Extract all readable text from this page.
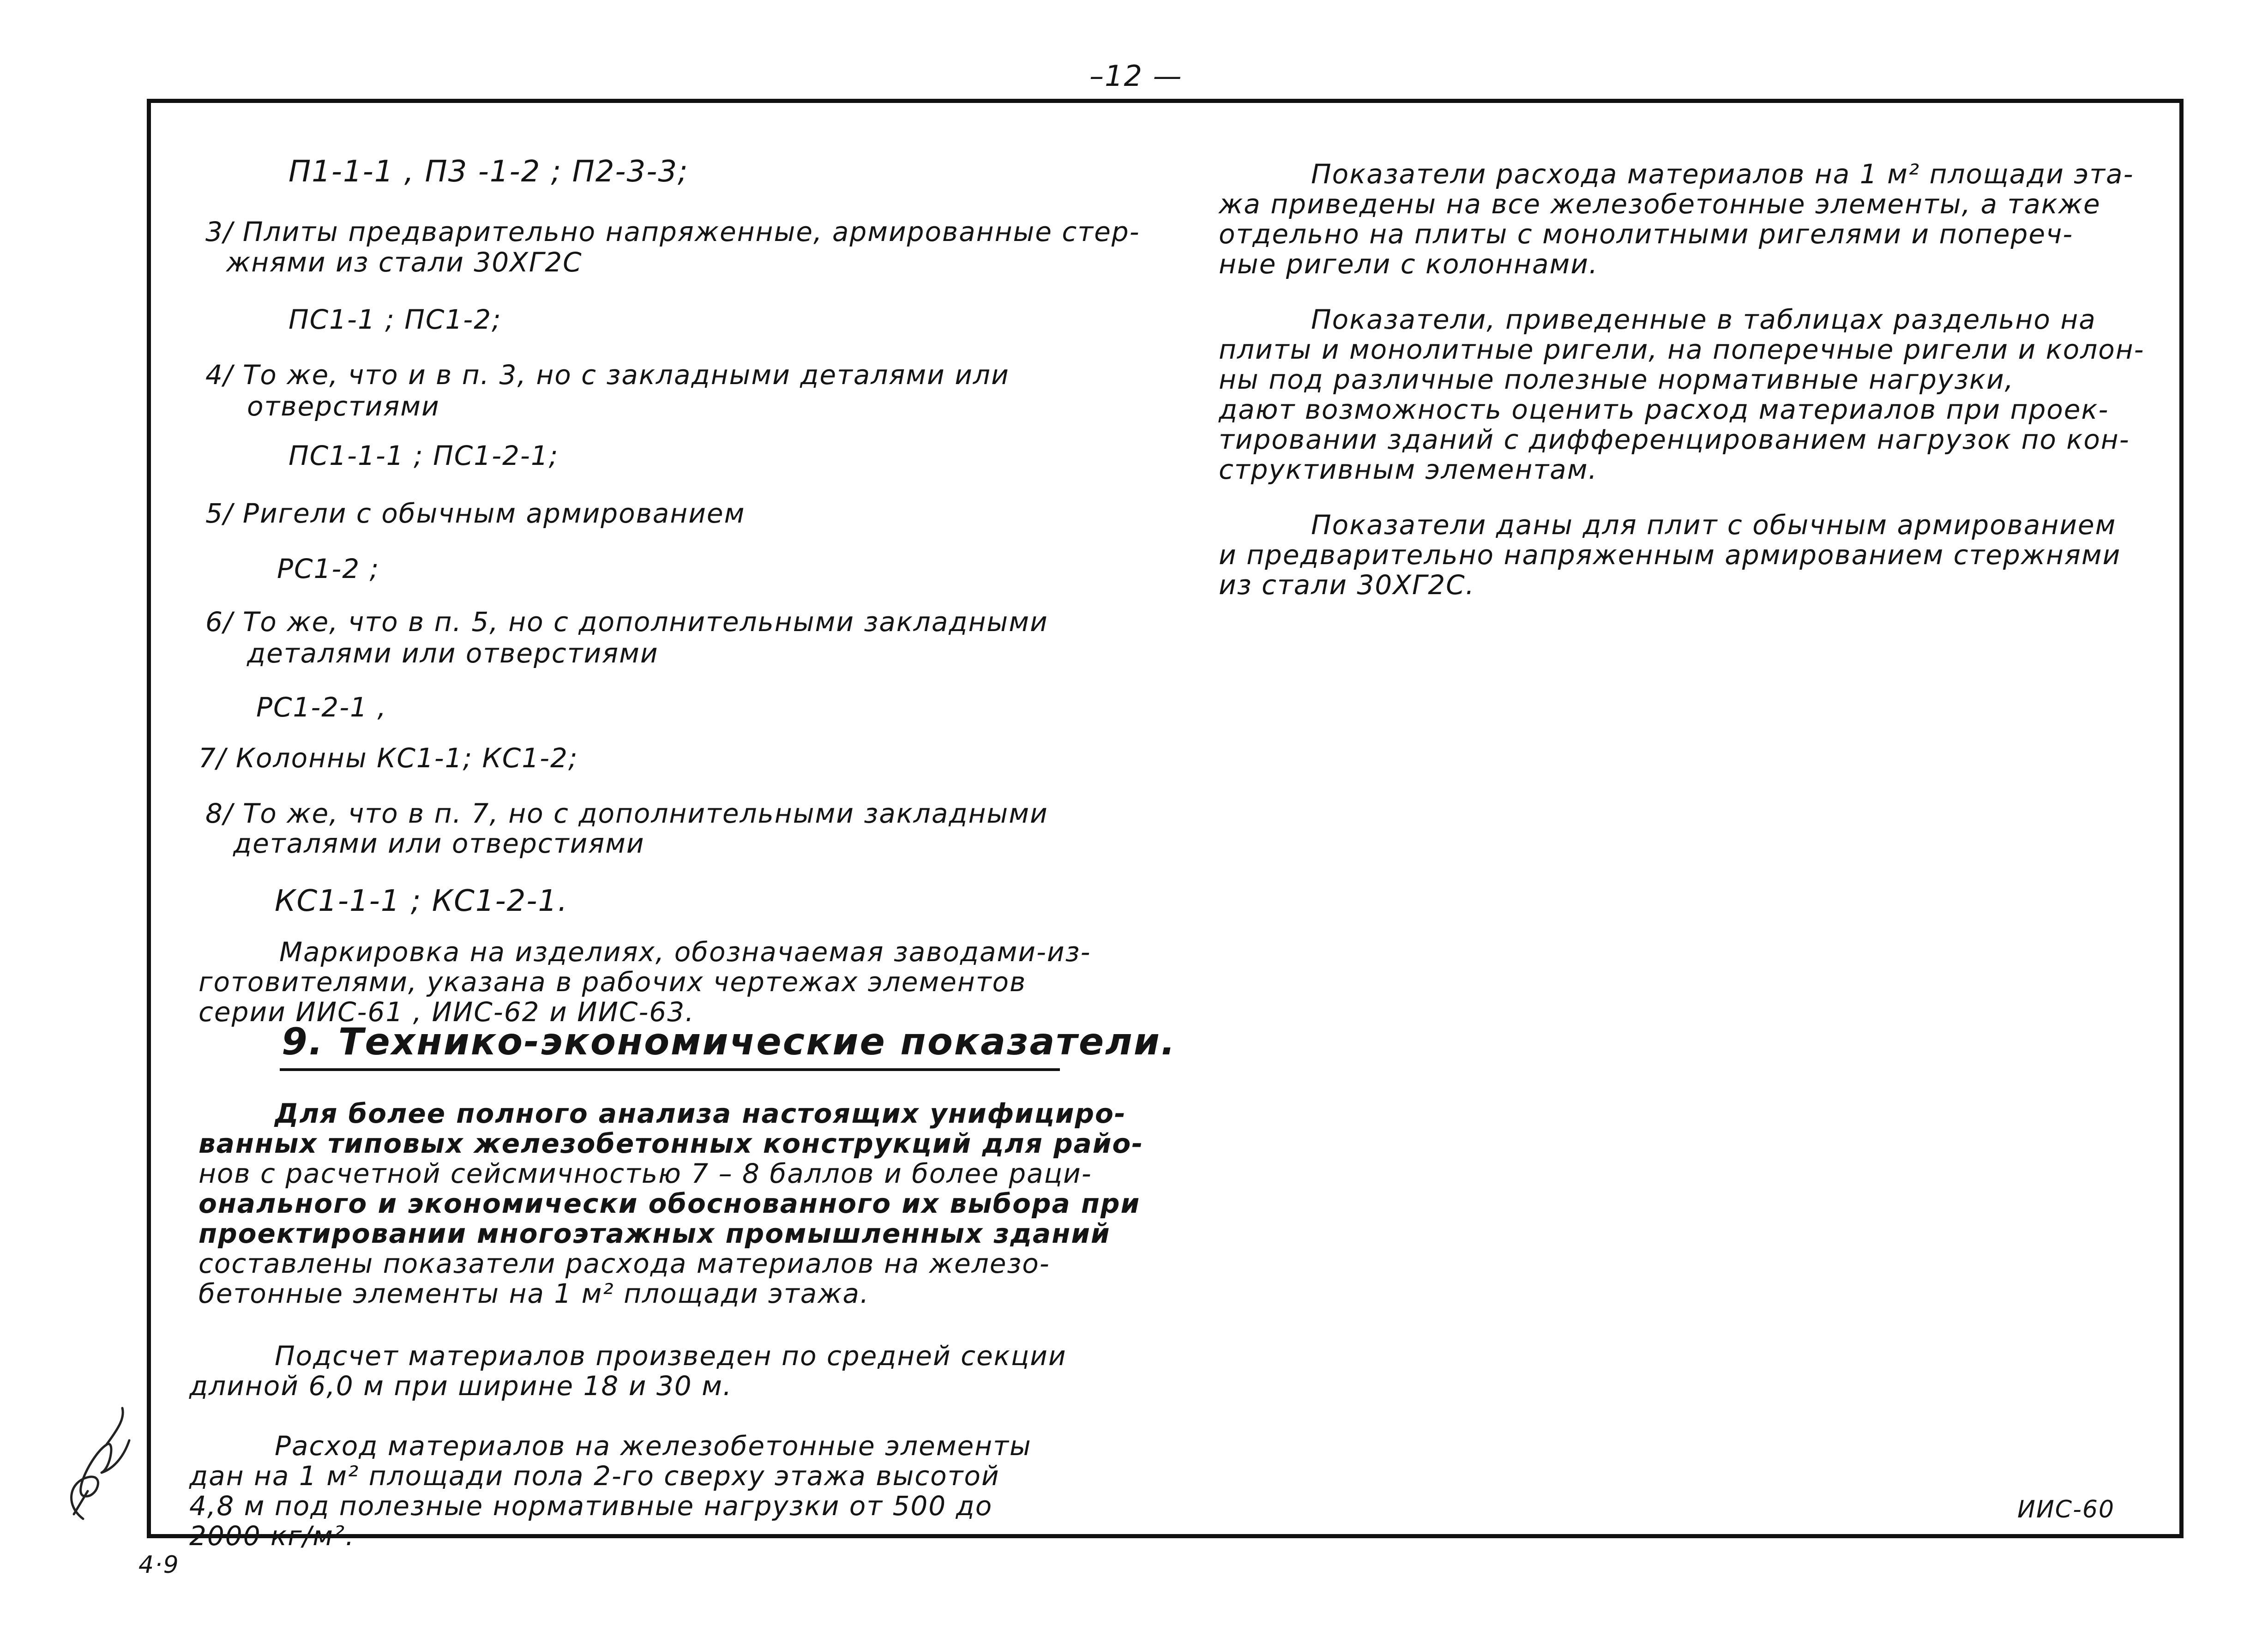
–12 —
П1-1-1 , П3 -1-2 ; П2-3-3;
3/ Плиты предварительно напряженные, армированные стер-
жнями из стали 30ХГ2С
ПС1-1 ; ПС1-2;
4/ То же, что и в п. 3, но с закладными деталями или
отверстиями
ПС1-1-1 ; ПС1-2-1;
5/ Ригели с обычным армированием
РС1-2 ;
6/ То же, что в п. 5, но с дополнительными закладными
деталями или отверстиями
РС1-2-1 ,
7/ Колонны КС1-1; КС1-2;
8/ То же, что в п. 7, но с дополнительными закладными
деталями или отверстиями
КС1-1-1 ; КС1-2-1.
Маркировка на изделиях, обозначаемая заводами-из-
готовителями, указана в рабочих чертежах элементов
серии ИИС-61 , ИИС-62 и ИИС-63.
9. Технико-экономические показатели.
Для более полного анализа настоящих унифициро-
ванных типовых железобетонных конструкций для райо-
нов с расчетной сейсмичностью 7 – 8 баллов и более раци-
онального и экономически обоснованного их выбора при
проектировании многоэтажных промышленных зданий
составлены показатели расхода материалов на железо-
бетонные элементы на 1 м² площади этажа.
Подсчет материалов произведен по средней секции
длиной 6,0 м при ширине 18 и 30 м.
Расход материалов на железобетонные элементы
дан на 1 м² площади пола 2-го сверху этажа высотой
4,8 м под полезные нормативные нагрузки от 500 до
2000 кг/м².
Показатели расхода материалов на 1 м² площади эта-
жа приведены на все железобетонные элементы, а также
отдельно на плиты с монолитными ригелями и попереч-
ные ригели с колоннами.
Показатели, приведенные в таблицах раздельно на
плиты и монолитные ригели, на поперечные ригели и колон-
ны под различные полезные нормативные нагрузки,
дают возможность оценить расход материалов при проек-
тировании зданий с дифференцированием нагрузок по кон-
структивным элементам.
Показатели даны для плит с обычным армированием
и предварительно напряженным армированием стержнями
из стали 30ХГ2С.
ИИС-60
4·9
